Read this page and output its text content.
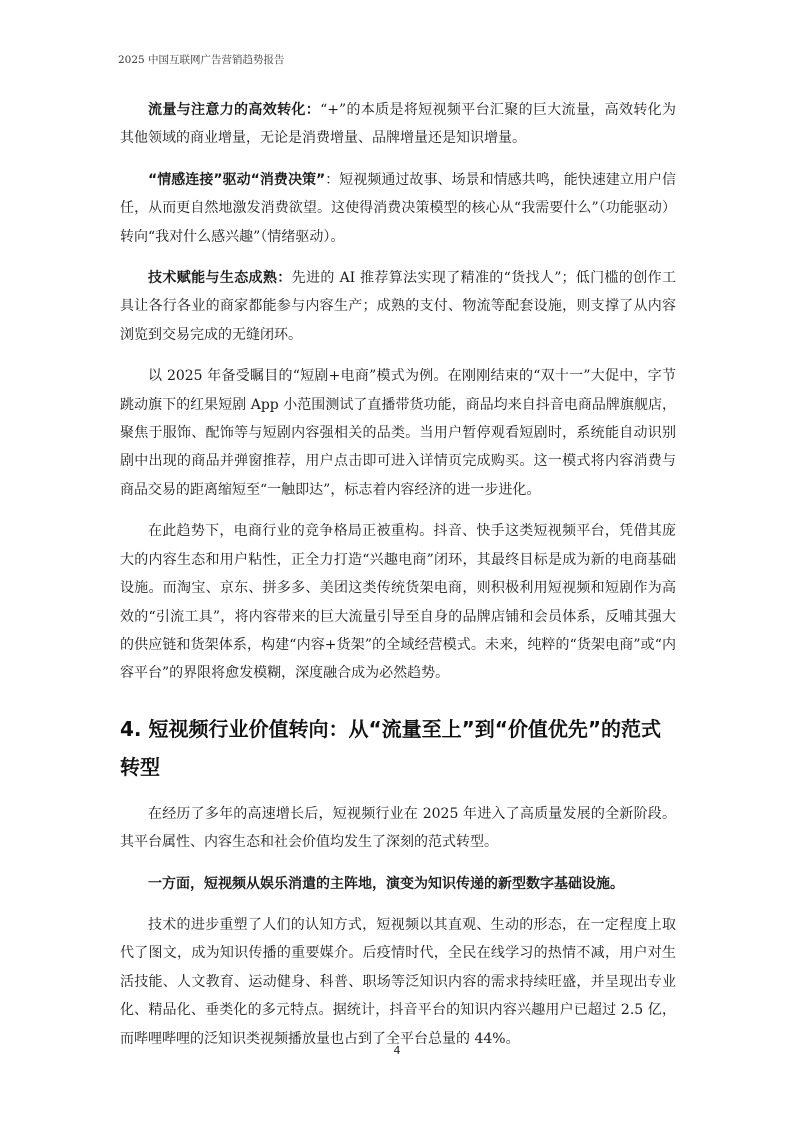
2025 中国互联网广告营销趋势报告

流量与注意力的高效转化：“+”的本质是将短视频平台汇聚的巨大流量，高效转化为其他领域的商业增量，无论是消费增量、品牌增量还是知识增量。

“情感连接”驱动“消费决策”：短视频通过故事、场景和情感共鸣，能快速建立用户信任，从而更自然地激发消费欲望。这使得消费决策模型的核心从“我需要什么”（功能驱动）转向“我对什么感兴趣”（情绪驱动）。

技术赋能与生态成熟：先进的 AI 推荐算法实现了精准的“货找人”；低门槛的创作工具让各行各业的商家都能参与内容生产；成熟的支付、物流等配套设施，则支撑了从内容浏览到交易完成的无缝闭环。

以 2025 年备受瞩目的“短剧+电商”模式为例。在刚刚结束的“双十一”大促中，字节跳动旗下的红果短剧 App 小范围测试了直播带货功能，商品均来自抖音电商品牌旗舰店，聚焦于服饰、配饰等与短剧内容强相关的品类。当用户暂停观看短剧时，系统能自动识别剧中出现的商品并弹窗推荐，用户点击即可进入详情页完成购买。这一模式将内容消费与商品交易的距离缩短至“一触即达”，标志着内容经济的进一步进化。

在此趋势下，电商行业的竞争格局正被重构。抖音、快手这类短视频平台，凭借其庞大的内容生态和用户粘性，正全力打造“兴趣电商”闭环，其最终目标是成为新的电商基础设施。而淘宝、京东、拼多多、美团这类传统货架电商，则积极利用短视频和短剧作为高效的“引流工具”，将内容带来的巨大流量引导至自身的品牌店铺和会员体系，反哺其强大的供应链和货架体系，构建“内容+货架”的全域经营模式。未来，纯粹的“货架电商”或“内容平台”的界限将愈发模糊，深度融合成为必然趋势。

4. 短视频行业价值转向：从“流量至上”到“价值优先”的范式转型

在经历了多年的高速增长后，短视频行业在 2025 年进入了高质量发展的全新阶段。其平台属性、内容生态和社会价值均发生了深刻的范式转型。

一方面，短视频从娱乐消遣的主阵地，演变为知识传递的新型数字基础设施。

技术的进步重塑了人们的认知方式，短视频以其直观、生动的形态，在一定程度上取代了图文，成为知识传播的重要媒介。后疫情时代，全民在线学习的热情不减，用户对生活技能、人文教育、运动健身、科普、职场等泛知识内容的需求持续旺盛，并呈现出专业化、精品化、垂类化的多元特点。据统计，抖音平台的知识内容兴趣用户已超过 2.5 亿，而哔哩哔哩的泛知识类视频播放量也占到了全平台总量的 44%。

4
